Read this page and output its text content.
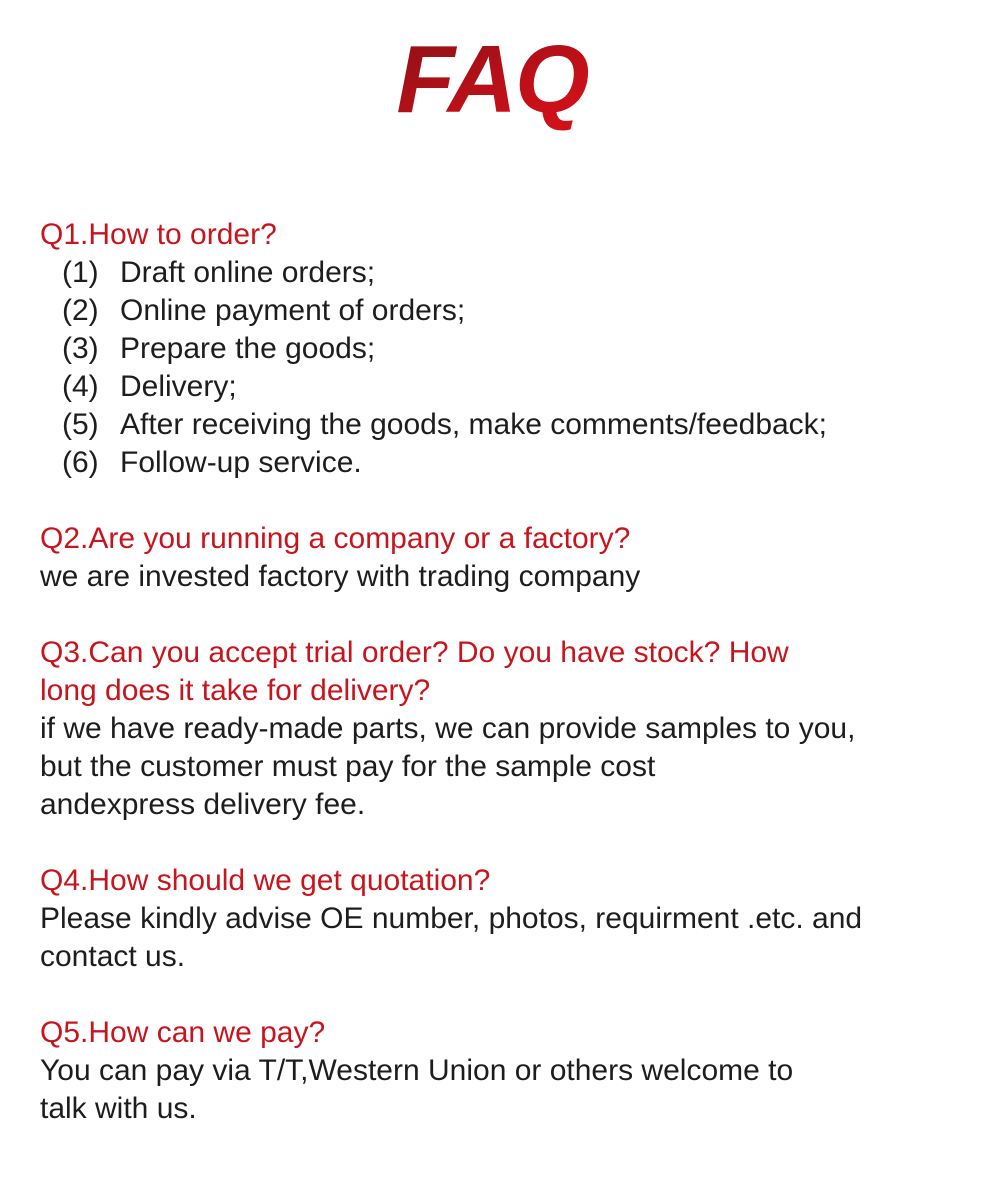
FAQ
Q1.How to order?
(1) Draft online orders;
(2) Online payment of orders;
(3) Prepare the goods;
(4) Delivery;
(5) After receiving the goods, make comments/feedback;
(6) Follow-up service.
Q2.Are you running a company or a factory?
we are invested factory with trading company
Q3.Can you accept trial order? Do you have stock? How
long does it take for delivery?
if we have ready-made parts, we can provide samples to you,
but the customer must pay for the sample cost
andexpress delivery fee.
Q4.How should we get quotation?
Please kindly advise OE number, photos, requirment .etc. and
contact us.
Q5.How can we pay?
You can pay via T/T,Western Union or others welcome to
talk with us.
